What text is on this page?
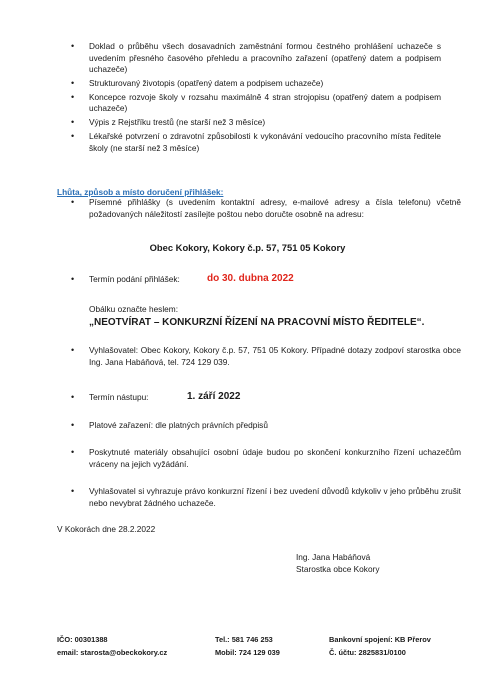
• Doklad o průběhu všech dosavadních zaměstnání formou čestného prohlášení uchazeče s uvedením přesného časového přehledu a pracovního zařazení (opatřený datem a podpisem uchazeče)
• Strukturovaný životopis (opatřený datem a podpisem uchazeče)
• Koncepce rozvoje školy v rozsahu maximálně 4 stran strojopisu (opatřený datem a podpisem uchazeče)
• Výpis z Rejstříku trestů (ne starší než 3 měsíce)
• Lékařské potvrzení o zdravotní způsobilosti k vykonávání vedoucího pracovního místa ředitele školy (ne starší než 3 měsíce)
Lhůta, způsob a místo doručení přihlášek:
• Písemné přihlášky (s uvedením kontaktní adresy, e-mailové adresy a čísla telefonu) včetně požadovaných náležitostí zasílejte poštou nebo doručte osobně na adresu:
Obec Kokory, Kokory č.p. 57, 751 05 Kokory
• Termín podání přihlášek:	do 30. dubna 2022
Obálku označte heslem:
„NEOTVÍRAT – KONKURZNÍ ŘÍZENÍ NA PRACOVNÍ MÍSTO ŘEDITELE“.
• Vyhlašovatel: Obec Kokory, Kokory č.p. 57, 751 05 Kokory. Případné dotazy zodpoví starostka obce Ing. Jana Habáňová, tel. 724 129 039.
• Termín nástupu:	1. září 2022
• Platové zařazení: dle platných právních předpisů
• Poskytnuté materiály obsahující osobní údaje budou po skončení konkurzního řízení uchazečům vráceny na jejich vyžádání.
• Vyhlašovatel si vyhrazuje právo konkurzní řízení i bez uvedení důvodů kdykoliv v jeho průběhu zrušit nebo nevybrat žádného uchazeče.
V Kokorách dne 28.2.2022
Ing. Jana Habáňová
Starostka obce Kokory
IČO: 00301388
email: starosta@obeckokory.cz
Tel.: 581 746 253
Mobil: 724 129 039
Bankovní spojení: KB Přerov
Č. účtu: 2825831/0100
